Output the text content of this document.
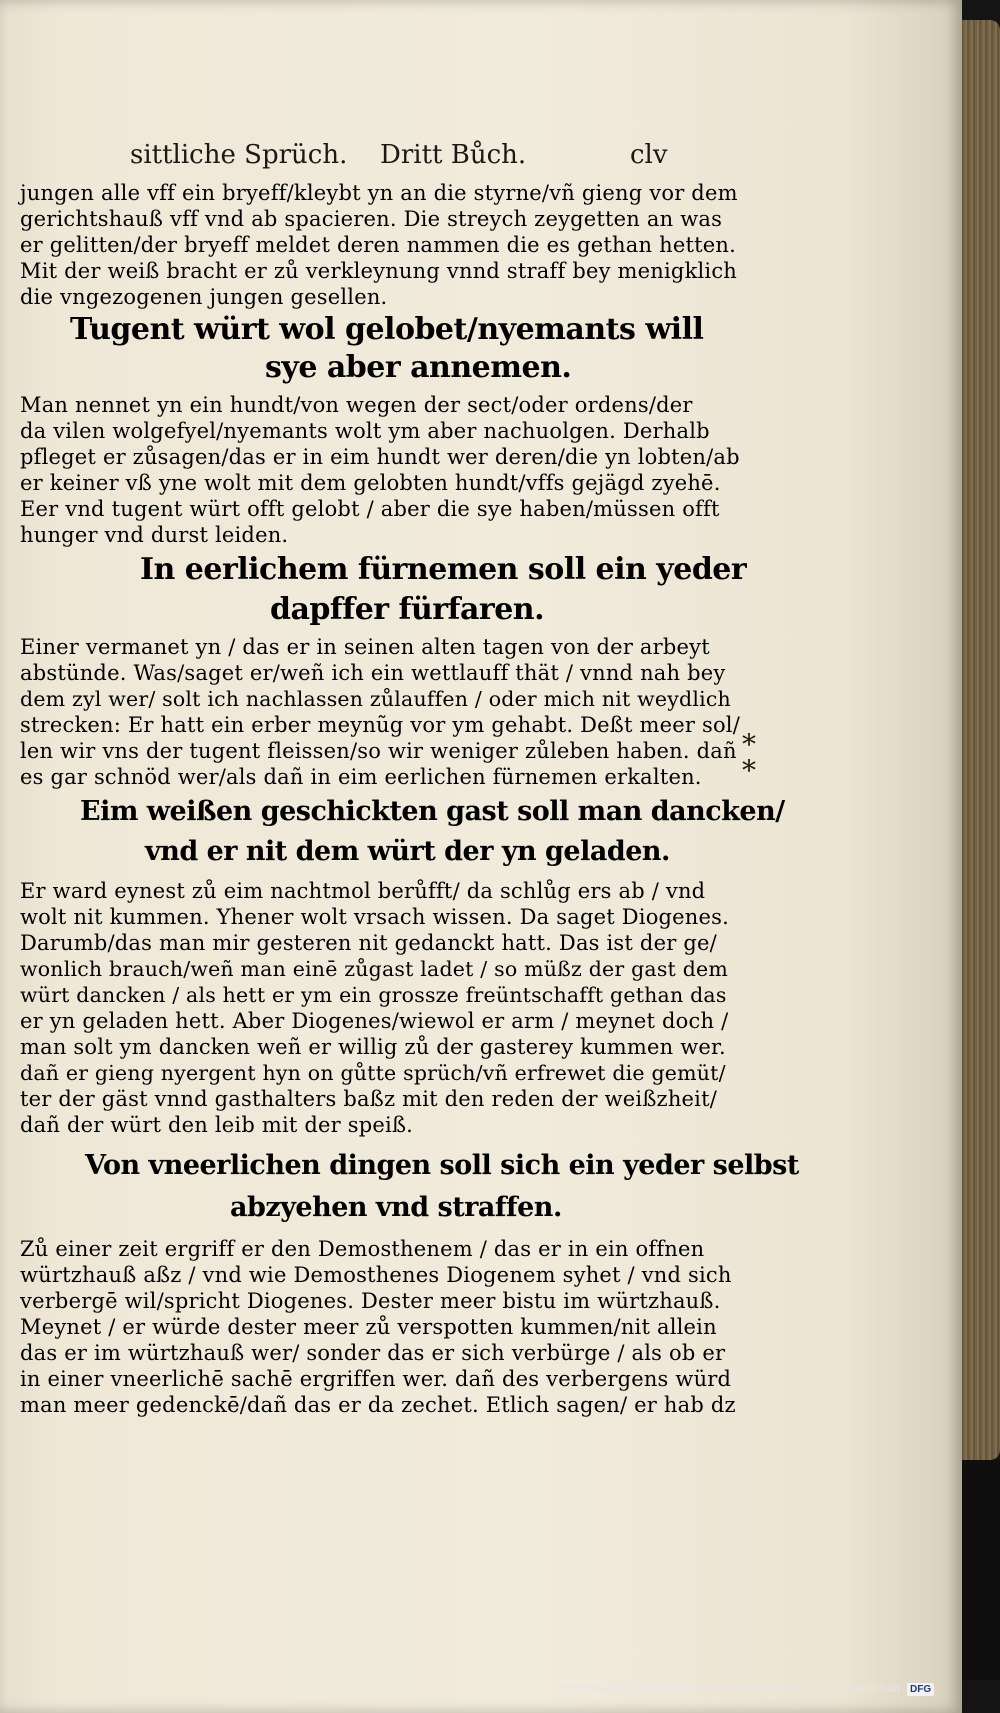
sittliche Sprüch. Dritt Bůch.	clv
jungen alle vff ein bryeff/kleybt yn an die styrne/vñ gieng vor dem
gerichtshauß vff vnd ab spacieren. Die streych zeygetten an was
er gelitten/der bryeff meldet deren nammen die es gethan hetten.
Mit der weiß bracht er zů verkleynung vnnd straff bey menigklich
die vngezogenen jungen gesellen.
Tugent würt wol gelobet/nyemants will
sye aber annemen.
Man nennet yn ein hundt/von wegen der sect/oder ordens/der
da vilen wolgefyel/nyemants wolt ym aber nachuolgen. Derhalb
pfleget er zůsagen/das er in eim hundt wer deren/die yn lobten/ab
er keiner vß yne wolt mit dem gelobten hundt/vffs gejägd zyehē.
Eer vnd tugent würt offt gelobt / aber die sye haben/müssen offt
hunger vnd durst leiden.
In eerlichem fürnemen soll ein yeder
dapffer fürfaren.
Einer vermanet yn / das er in seinen alten tagen von der arbeyt
abstünde. Was/saget er/weñ ich ein wettlauff thät / vnnd nah bey
dem zyl wer/ solt ich nachlassen zůlauffen / oder mich nit weydlich
strecken: Er hatt ein erber meynũg vor ym gehabt. Deßt meer sol/
len wir vns der tugent fleissen/so wir weniger zůleben haben. dañ
es gar schnöd wer/als dañ in eim eerlichen fürnemen erkalten.
*
*
Eim weißen geschickten gast soll man dancken/
vnd er nit dem würt der yn geladen.
Er ward eynest zů eim nachtmol berůfft/ da schlůg ers ab / vnd
wolt nit kummen. Yhener wolt vrsach wissen. Da saget Diogenes.
Darumb/das man mir gesteren nit gedanckt hatt. Das ist der ge/
wonlich brauch/weñ man einē zůgast ladet / so müßz der gast dem
würt dancken / als hett er ym ein grossze freüntschafft gethan das
er yn geladen hett. Aber Diogenes/wiewol er arm / meynet doch /
man solt ym dancken weñ er willig zů der gasterey kummen wer.
dañ er gieng nyergent hyn on gůtte sprüch/vñ erfrewet die gemüt/
ter der gäst vnnd gasthalters baßz mit den reden der weißzheit/
dañ der würt den leib mit der speiß.
Von vneerlichen dingen soll sich ein yeder selbst
abzyehen vnd straffen.
Zů einer zeit ergriff er den Demosthenem / das er in ein offnen
würtzhauß aßz / vnd wie Demosthenes Diogenem syhet / vnd sich
verbergē wil/spricht Diogenes. Dester meer bistu im würtzhauß.
Meynet / er würde dester meer zů verspotten kummen/nit allein
das er im würtzhauß wer/ sonder das er sich verbürge / als ob er
in einer vneerlichē sachē ergriffen wer. dañ des verbergens würd
man meer gedenckē/dañ das er da zechet. Etlich sagen/ er hab dz
Digitalisierung gefördert durch die Deutsche Forschungsgemeinschaft DFG
